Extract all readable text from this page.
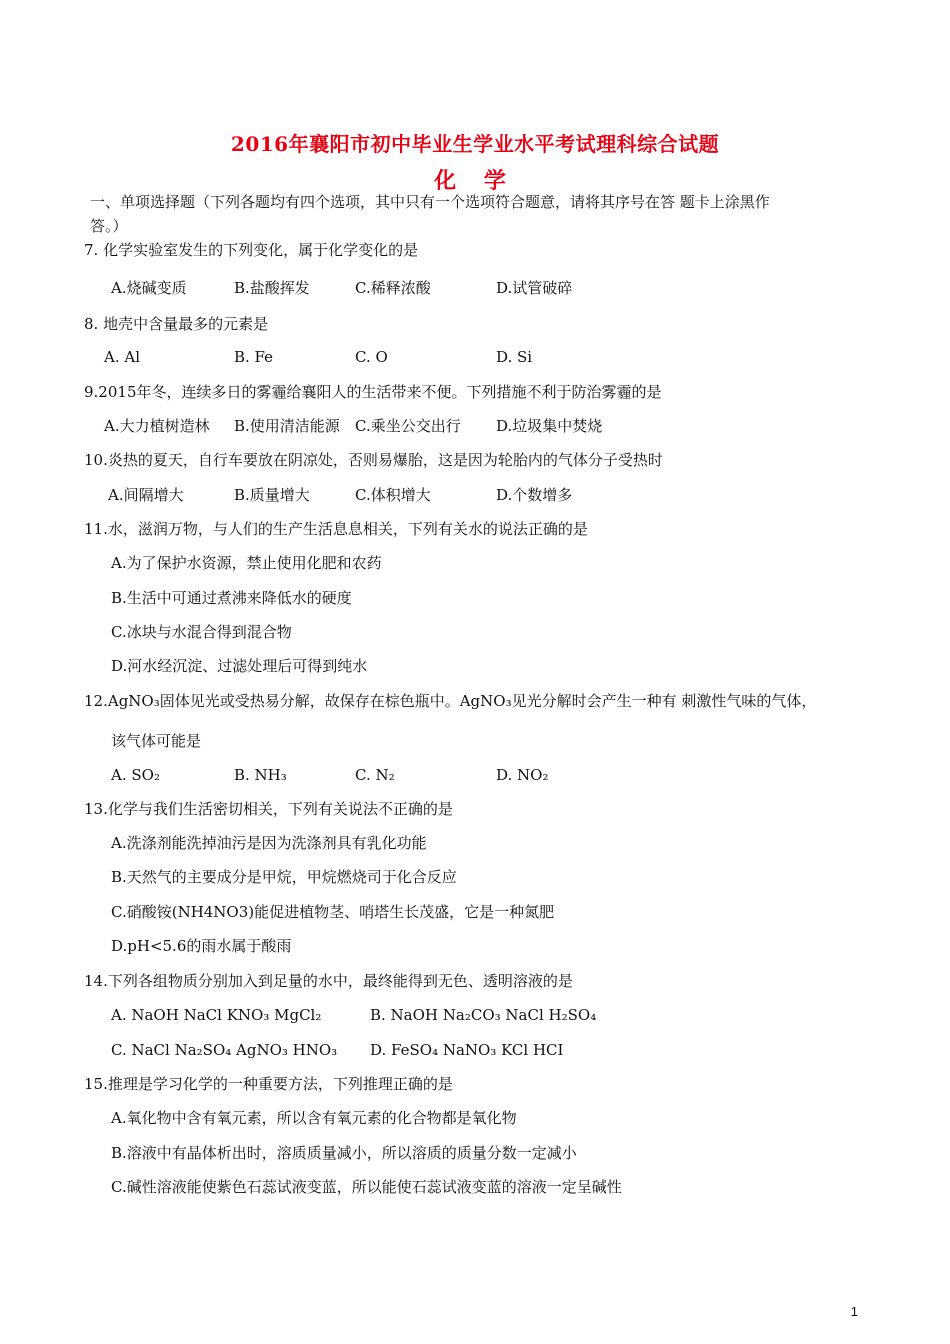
2016年襄阳市初中毕业生学业水平考试理科综合试题
化 学
一、单项选择题（下列各题均有四个选项，其中只有一个选项符合题意，请将其序号在答 题卡上涂黑作
答。）
7. 化学实验室发生的下列变化，属于化学变化的是
A.烧碱变质	B.盐酸挥发	C.稀释浓酸	D.试管破碎
8. 地壳中含量最多的元素是
A. Al	B. Fe	C. O	D. Si
9.2015年冬，连续多日的雾霾给襄阳人的生活带来不便。下列措施不利于防治雾霾的是
A.大力植树造林 B.使用清洁能源 C.乘坐公交出行 D.垃圾集中焚烧
10.炎热的夏天，自行车要放在阴凉处，否则易爆胎，这是因为轮胎内的气体分子受热时
A.间隔增大	B.质量增大	C.体积增大	D.个数增多
11.水，滋润万物，与人们的生产生活息息相关，下列有关水的说法正确的是
A.为了保护水资源，禁止使用化肥和农药
B.生活中可通过煮沸来降低水的硬度
C.冰块与水混合得到混合物
D.河水经沉淀、过滤处理后可得到纯水
12.AgNO₃固体见光或受热易分解，故保存在棕色瓶中。AgNO₃见光分解时会产生一种有 刺激性气味的气体，
该气体可能是
A. SO₂	B. NH₃	C. N₂	D. NO₂
13.化学与我们生活密切相关，下列有关说法不正确的是
A.洗涤剂能洗掉油污是因为洗涤剂具有乳化功能
B.天然气的主要成分是甲烷，甲烷燃烧司于化合反应
C.硝酸铵(NH4NO3)能促进植物茎、哨塔生长茂盛，它是一种氮肥
D.pH<5.6的雨水属于酸雨
14.下列各组物质分别加入到足量的水中，最终能得到无色、透明溶液的是
A. NaOH NaCl KNO₃ MgCl₂	B. NaOH Na₂CO₃ NaCl H₂SO₄
C. NaCl Na₂SO₄ AgNO₃ HNO₃ D. FeSO₄ NaNO₃ KCl HCI
15.推理是学习化学的一种重要方法，下列推理正确的是
A.氧化物中含有氧元素，所以含有氧元素的化合物都是氧化物
B.溶液中有晶体析出时，溶质质量减小，所以溶质的质量分数一定减小
C.碱性溶液能使紫色石蕊试液变蓝，所以能使石蕊试液变蓝的溶液一定呈碱性
1
